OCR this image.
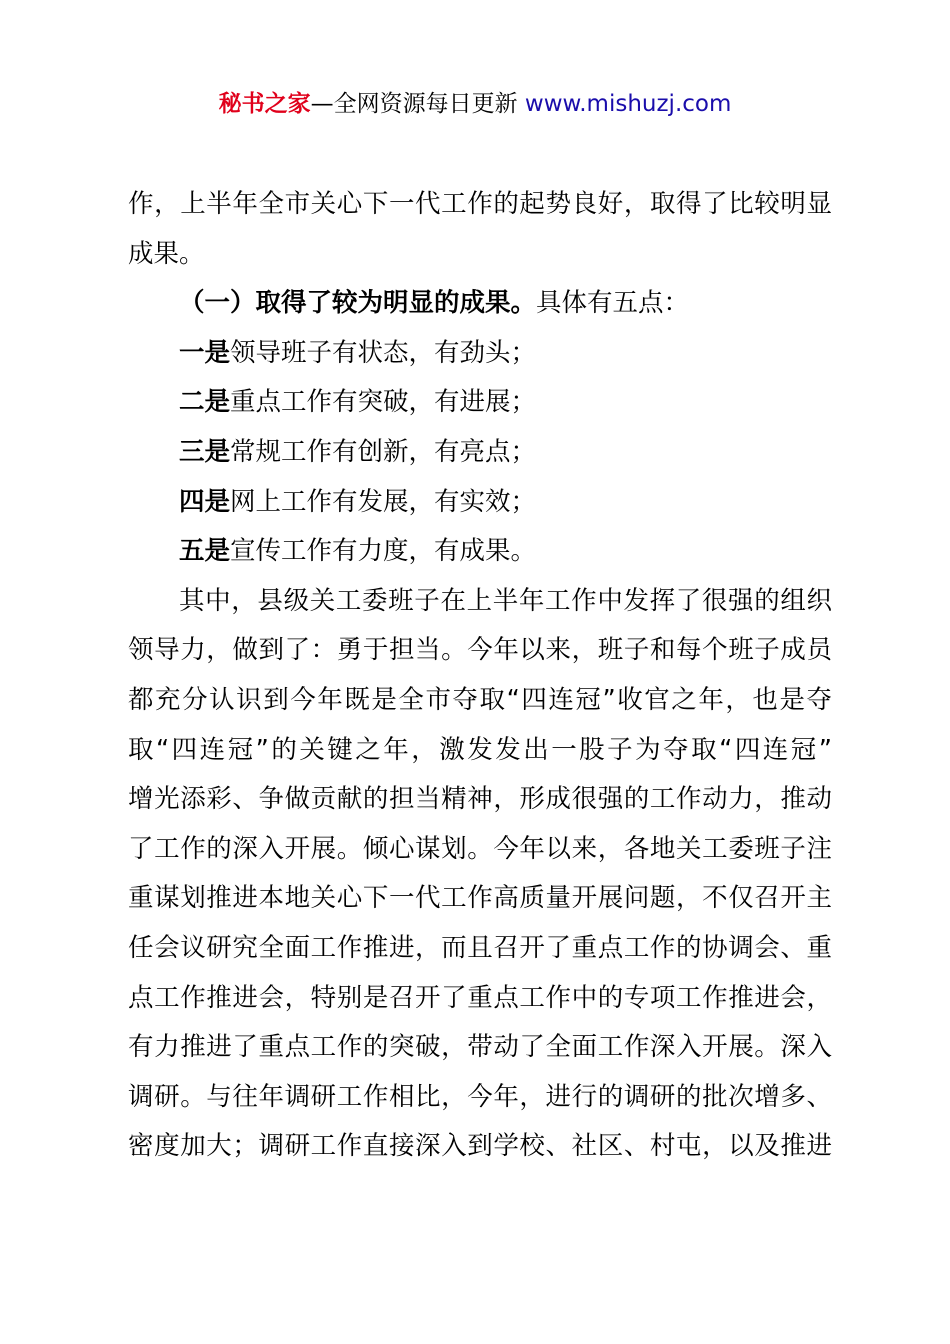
秘书之家—全网资源每日更新 www.mishuzj.com
作，上半年全市关心下一代工作的起势良好，取得了比较明显
成果。
（一）取得了较为明显的成果。具体有五点：
一是领导班子有状态，有劲头；
二是重点工作有突破，有进展；
三是常规工作有创新，有亮点；
四是网上工作有发展，有实效；
五是宣传工作有力度，有成果。
其中，县级关工委班子在上半年工作中发挥了很强的组织
领导力，做到了：勇于担当。今年以来，班子和每个班子成员
都充分认识到今年既是全市夺取“四连冠”收官之年，也是夺
取“四连冠”的关键之年，激发发出一股子为夺取“四连冠”
增光添彩、争做贡献的担当精神，形成很强的工作动力，推动
了工作的深入开展。倾心谋划。今年以来，各地关工委班子注
重谋划推进本地关心下一代工作高质量开展问题，不仅召开主
任会议研究全面工作推进，而且召开了重点工作的协调会、重
点工作推进会，特别是召开了重点工作中的专项工作推进会，
有力推进了重点工作的突破，带动了全面工作深入开展。深入
调研。与往年调研工作相比，今年，进行的调研的批次增多、
密度加大；调研工作直接深入到学校、社区、村屯，以及推进
